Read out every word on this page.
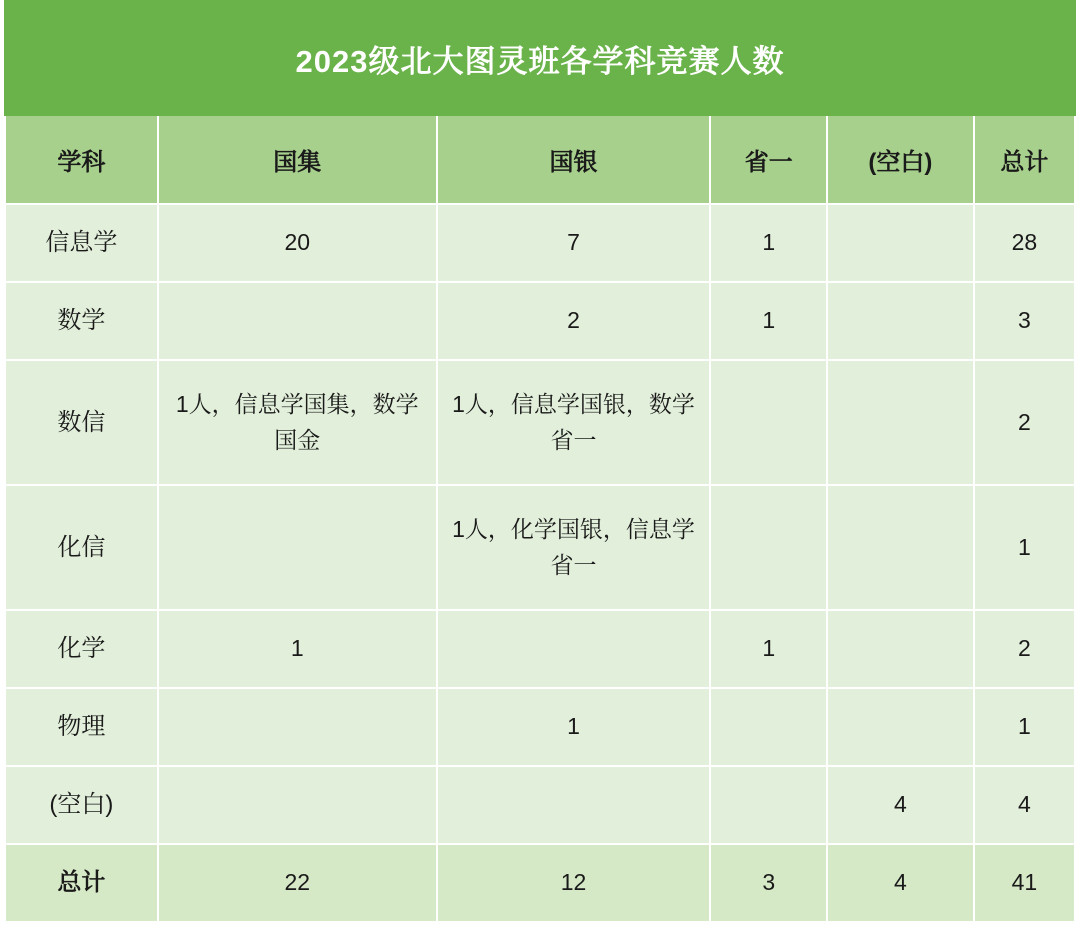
2023级北大图灵班各学科竞赛人数					
学科	国集	国银	省一	(空白)	总计
信息学	20	7	1		28
数学		2	1		3
数信	1人，信息学国集，数学国金	1人，信息学国银，数学省一			2
化信		1人，化学国银，信息学省一			1
化学	1		1		2
物理		1			1
(空白)				4	4
总计	22	12	3	4	41
